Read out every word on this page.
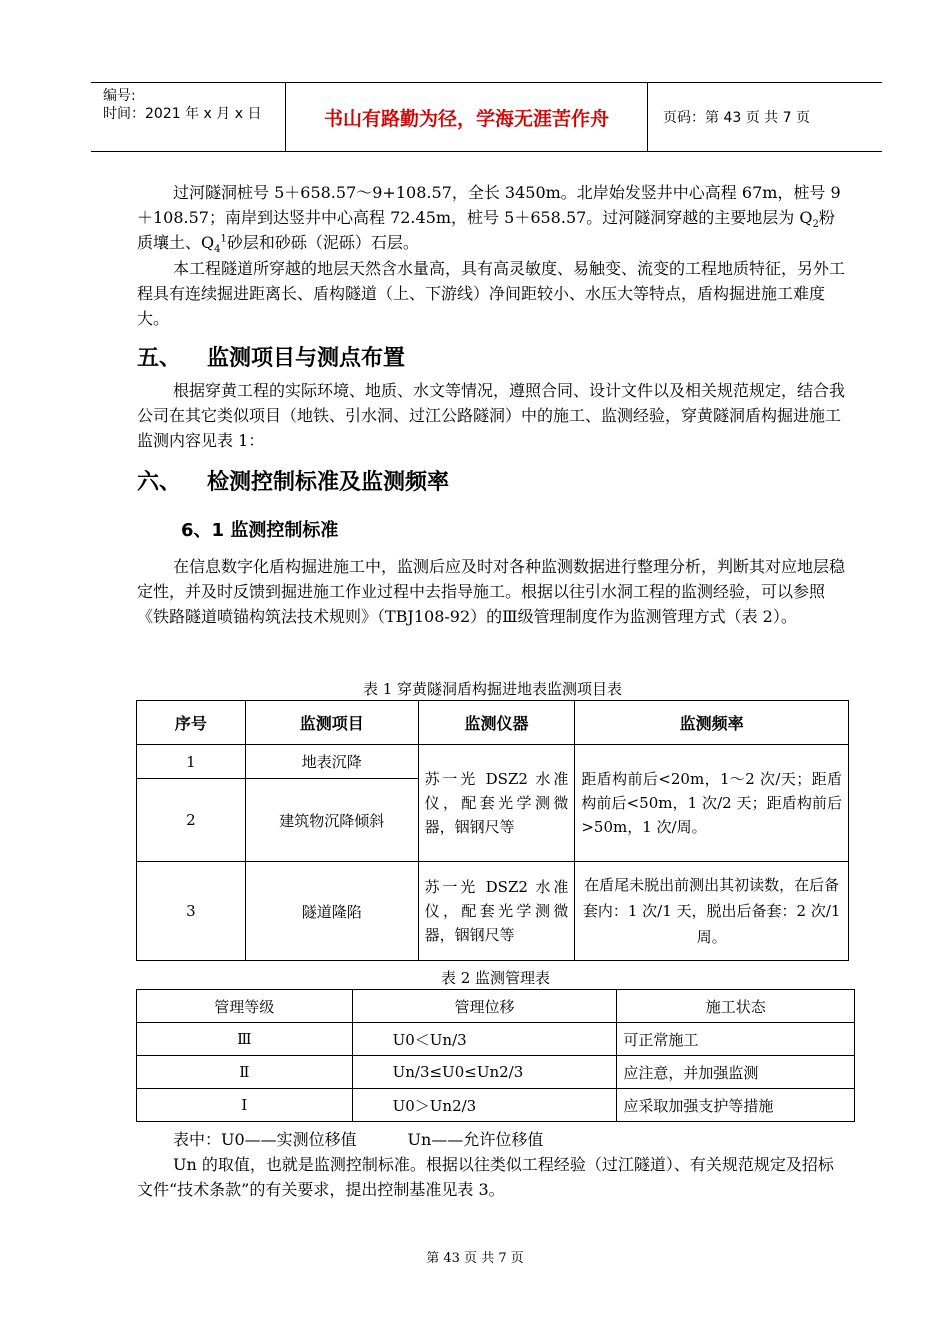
编号:
时间：2021 年 x 月 x 日	书山有路勤为径，学海无涯苦作舟	页码：第 43 页 共 7 页
过河隧洞桩号 5＋658.57～9+108.57，全长 3450m。北岸始发竖井中心高程 67m，桩号 9＋108.57；南岸到达竖井中心高程 72.45m，桩号 5＋658.57。过河隧洞穿越的主要地层为 $Q_2$粉质壤土、$Q_4^1$砂层和砂砾（泥砾）石层。
本工程隧道所穿越的地层天然含水量高，具有高灵敏度、易触变、流变的工程地质特征，另外工程具有连续掘进距离长、盾构隧道（上、下游线）净间距较小、水压大等特点，盾构掘进施工难度大。
五、 监测项目与测点布置
根据穿黄工程的实际环境、地质、水文等情况，遵照合同、设计文件以及相关规范规定，结合我公司在其它类似项目（地铁、引水洞、过江公路隧洞）中的施工、监测经验，穿黄隧洞盾构掘进施工监测内容见表 1：
六、 检测控制标准及监测频率
6、1 监测控制标准
在信息数字化盾构掘进施工中，监测后应及时对各种监测数据进行整理分析，判断其对应地层稳定性，并及时反馈到掘进施工作业过程中去指导施工。根据以往引水洞工程的监测经验，可以参照《铁路隧道喷锚构筑法技术规则》（TBJ108-92）的Ⅲ级管理制度作为监测管理方式（表 2）。
表 1 穿黄隧洞盾构掘进地表监测项目表
序号	监测项目	监测仪器	监测频率
1	地表沉降	苏一光 DSZ2 水准仪，配套光学测微器，铟钢尺等	距盾构前后<20m，1～2 次/天；距盾构前后<50m，1 次/2 天；距盾构前后>50m，1 次/周。
2	建筑物沉降倾斜		
3	隧道隆陷	苏一光 DSZ2 水准仪，配套光学测微器，铟钢尺等	在盾尾未脱出前测出其初读数，在后备套内：1 次/1 天，脱出后备套：2 次/1 周。
表 2 监测管理表
管理等级	管理位移	施工状态
Ⅲ	U0＜Un/3	可正常施工
Ⅱ	Un/3≤U0≤Un2/3	应注意，并加强监测
Ⅰ	U0＞Un2/3	应采取加强支护等措施
表中：U0——实测位移值          Un——允许位移值
Un 的取值，也就是监测控制标准。根据以往类似工程经验（过江隧道）、有关规范规定及招标文件“技术条款”的有关要求，提出控制基准见表 3。
第 43 页 共 7 页
